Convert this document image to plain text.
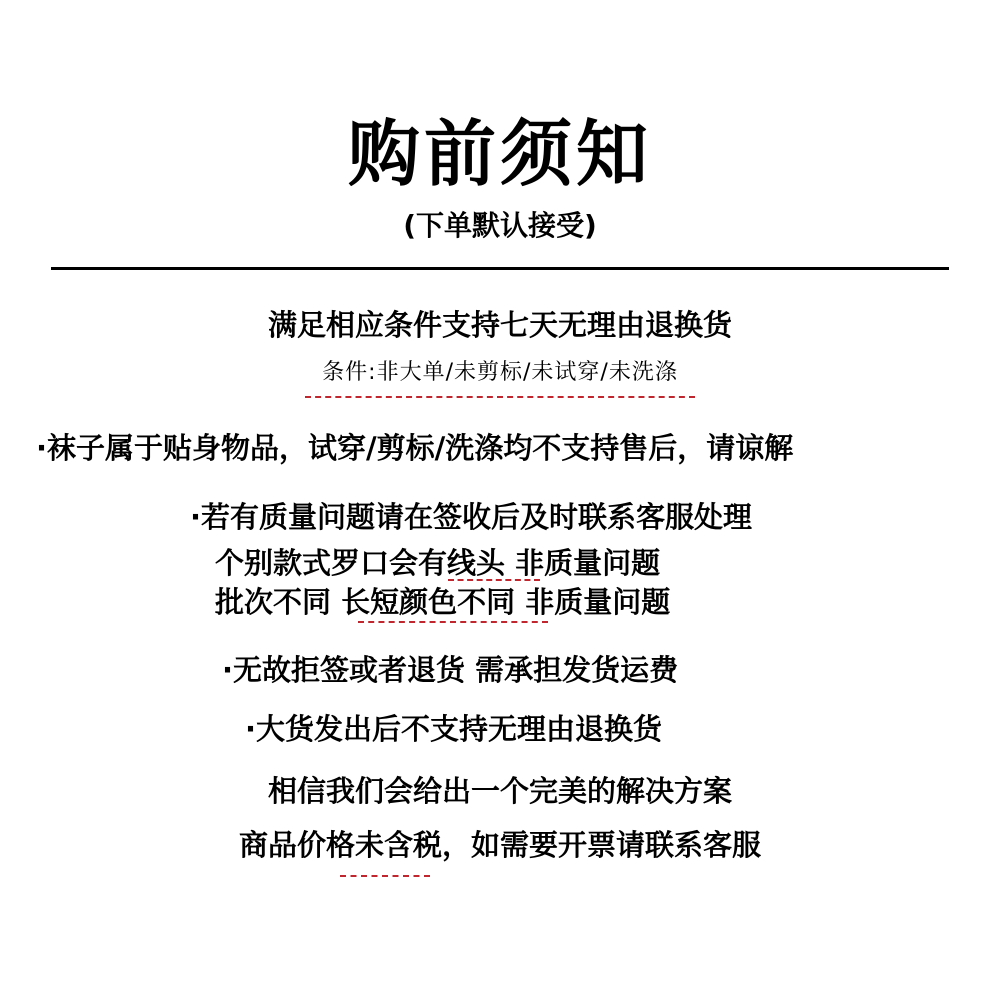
购前须知
(下单默认接受)
满足相应条件支持七天无理由退换货
条件:非大单/未剪标/未试穿/未洗涤
·袜子属于贴身物品，试穿/剪标/洗涤均不支持售后，请谅解
·若有质量问题请在签收后及时联系客服处理
个别款式罗口会有线头 非质量问题
批次不同 长短颜色不同 非质量问题
·无故拒签或者退货 需承担发货运费
·大货发出后不支持无理由退换货
相信我们会给出一个完美的解决方案
商品价格未含税，如需要开票请联系客服
